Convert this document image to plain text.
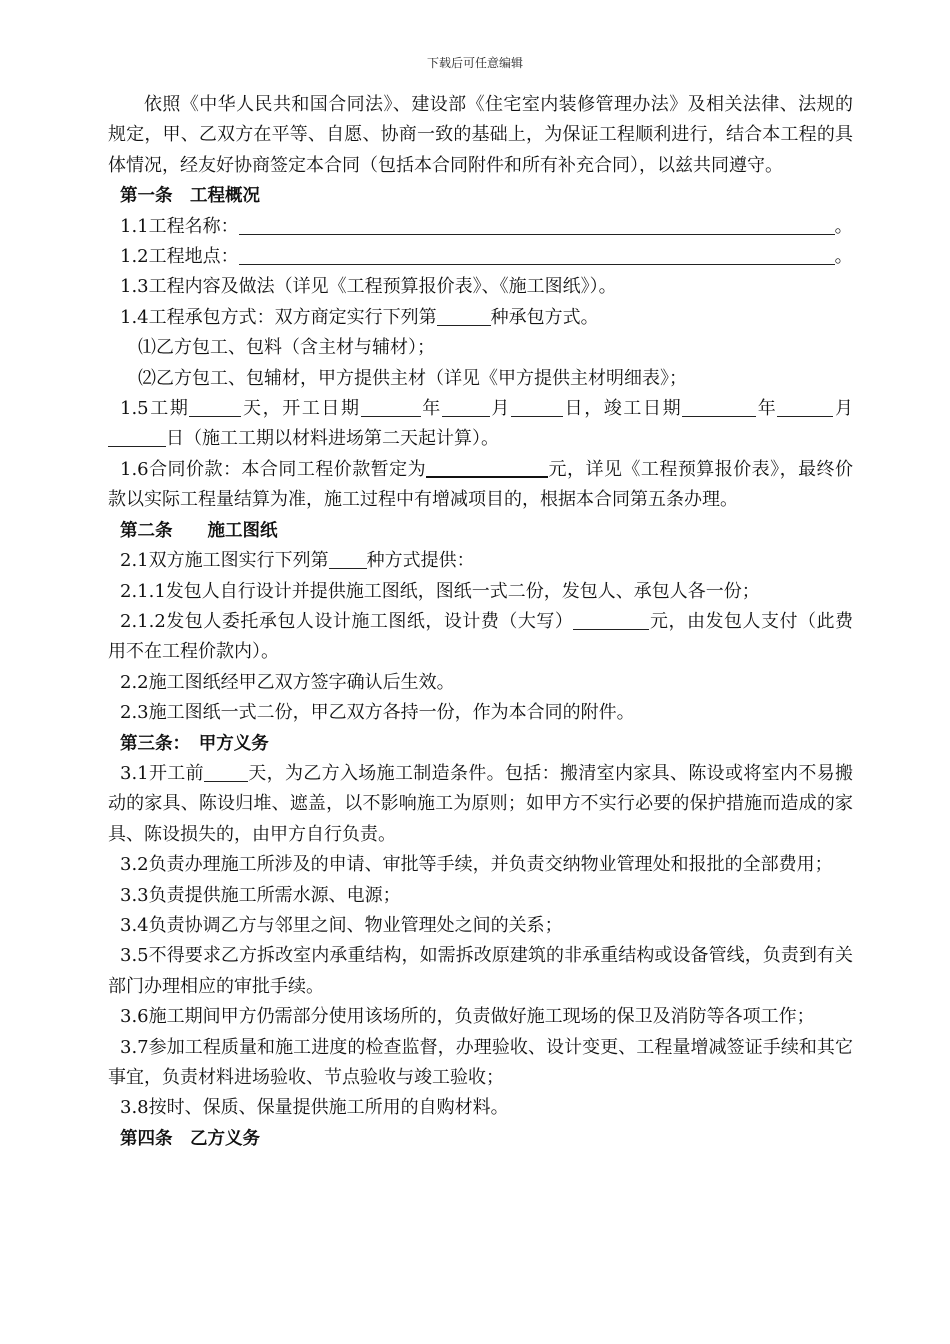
下载后可任意编辑

依照《中华人民共和国合同法》、建设部《住宅室内装修管理办法》及相关法律、法规的规定，甲、乙双方在平等、自愿、协商一致的基础上，为保证工程顺利进行，结合本工程的具体情况，经友好协商签定本合同（包括本合同附件和所有补充合同），以兹共同遵守。

第一条　工程概况

1.1工程名称：	。

1.2工程地点：	。

1.3工程内容及做法（详见《工程预算报价表》、《施工图纸》）。

1.4工程承包方式：双方商定实行下列第	种承包方式。

⑴乙方包工、包料（含主材与辅材）；

⑵乙方包工、包辅材，甲方提供主材（详见《甲方提供主材明细表》；

1.5工期	天，开工日期	年	月	日，竣工日期	年	月日（施工工期以材料进场第二天起计算）。

1.6合同价款：本合同工程价款暂定为	元，详见《工程预算报价表》，最终价款以实际工程量结算为准，施工过程中有增减项目的，根据本合同第五条办理。

第二条　　施工图纸

2.1双方施工图实行下列第 种方式提供：

2.1.1发包人自行设计并提供施工图纸，图纸一式二份，发包人、承包人各一份；

2.1.2发包人委托承包人设计施工图纸，设计费（大写）	元，由发包人支付（此费用不在工程价款内）。

2.2施工图纸经甲乙双方签字确认后生效。

2.3施工图纸一式二份，甲乙双方各持一份，作为本合同的附件。

第三条：　甲方义务

3.1开工前 天，为乙方入场施工制造条件。包括：搬清室内家具、陈设或将室内不易搬动的家具、陈设归堆、遮盖，以不影响施工为原则；如甲方不实行必要的保护措施而造成的家具、陈设损失的，由甲方自行负责。

3.2负责办理施工所涉及的申请、审批等手续，并负责交纳物业管理处和报批的全部费用；

3.3负责提供施工所需水源、电源；

3.4负责协调乙方与邻里之间、物业管理处之间的关系；

3.5不得要求乙方拆改室内承重结构，如需拆改原建筑的非承重结构或设备管线，负责到有关部门办理相应的审批手续。

3.6施工期间甲方仍需部分使用该场所的，负责做好施工现场的保卫及消防等各项工作；

3.7参加工程质量和施工进度的检查监督，办理验收、设计变更、工程量增减签证手续和其它事宜，负责材料进场验收、节点验收与竣工验收；

3.8按时、保质、保量提供施工所用的自购材料。

第四条　乙方义务
